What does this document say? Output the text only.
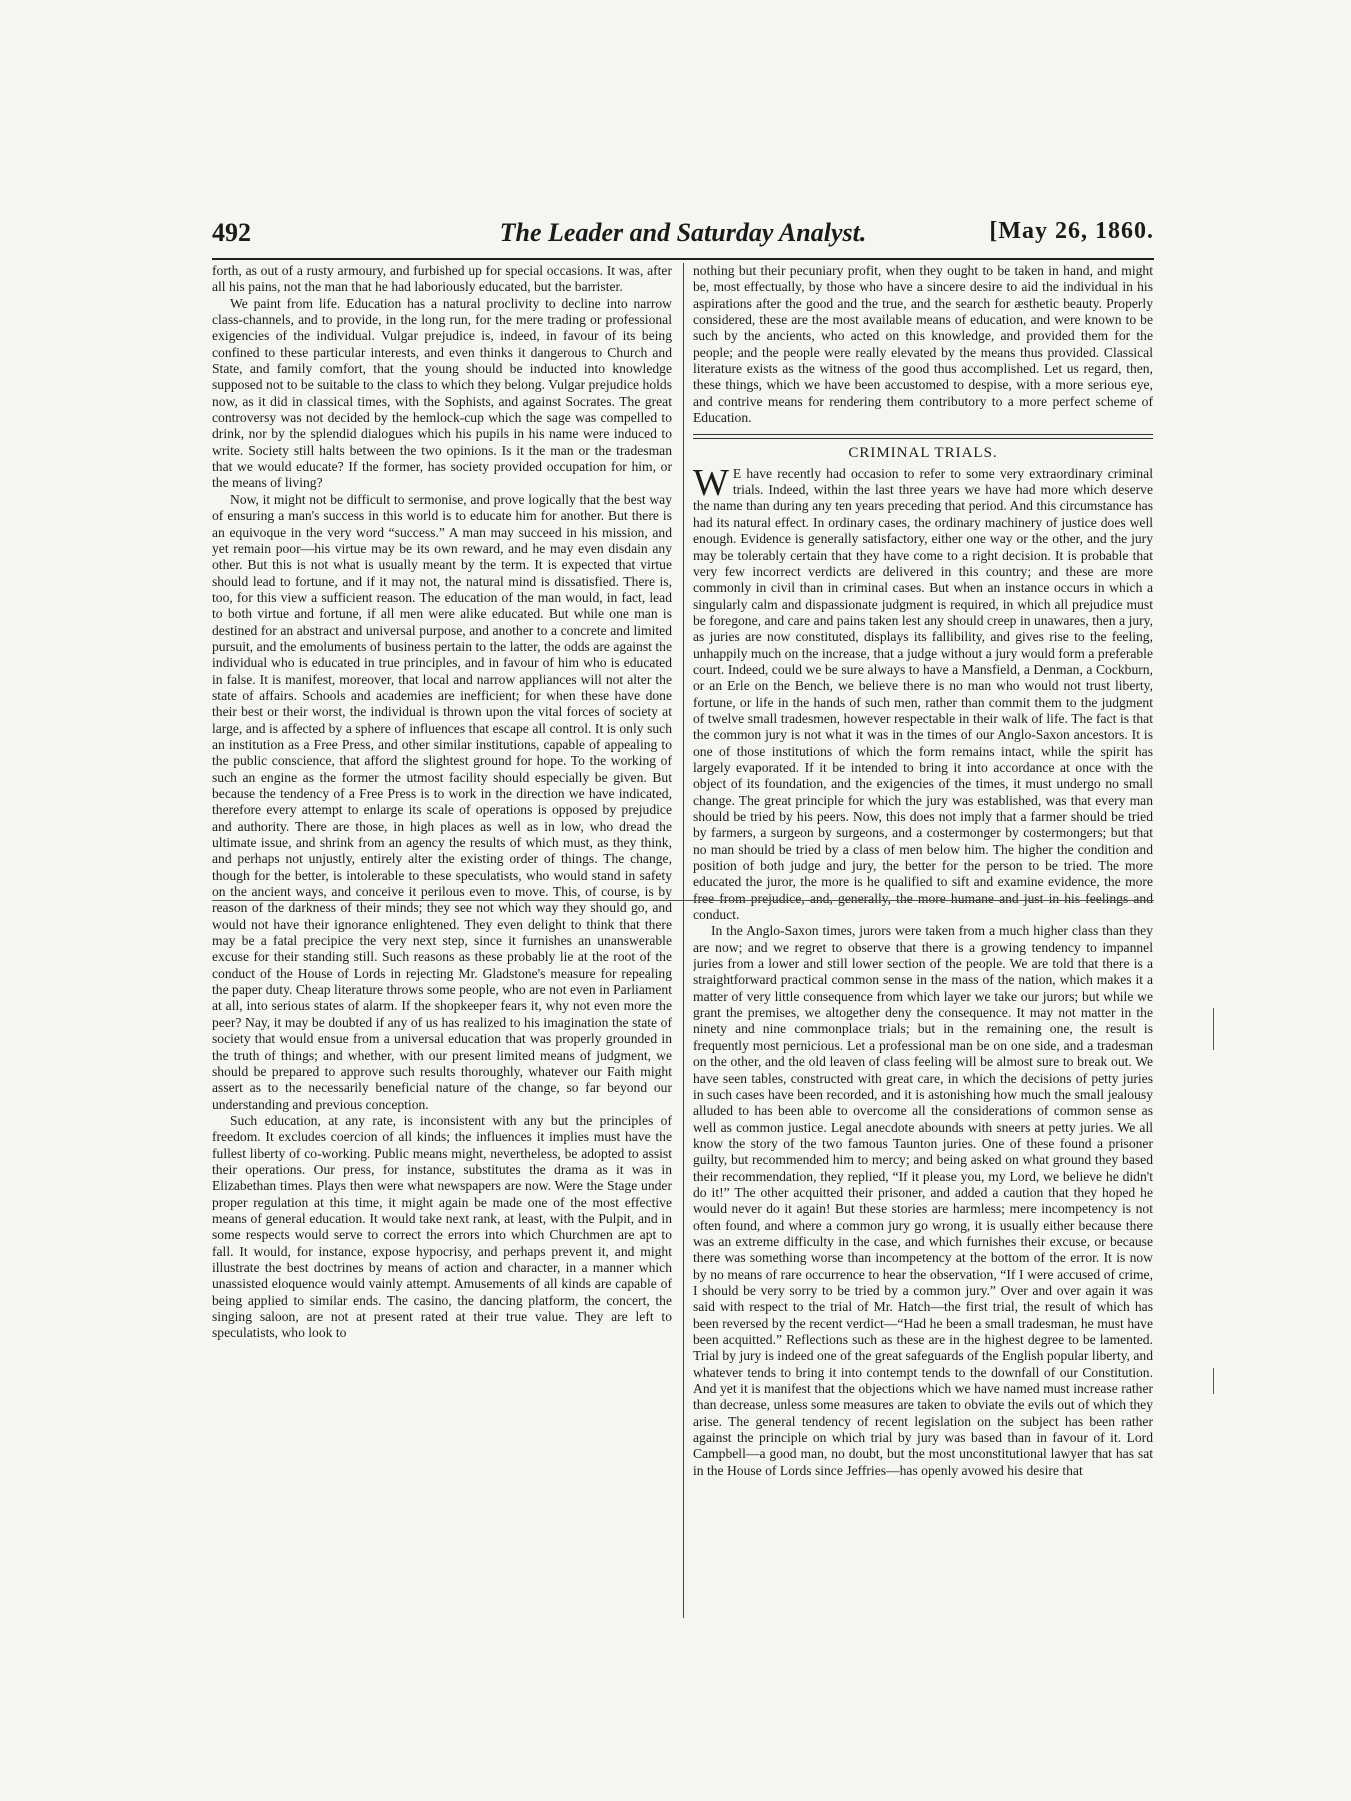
492	The Leader and Saturday Analyst.	[May 26, 1860.

forth, as out of a rusty armoury, and furbished up for special occasions. It was, after all his pains, not the man that he had laboriously educated, but the barrister.

We paint from life. Education has a natural proclivity to decline into narrow class-channels, and to provide, in the long run, for the mere trading or professional exigencies of the individual. Vulgar prejudice is, indeed, in favour of its being confined to these particular interests, and even thinks it dangerous to Church and State, and family comfort, that the young should be inducted into knowledge supposed not to be suitable to the class to which they belong. Vulgar prejudice holds now, as it did in classical times, with the Sophists, and against Socrates. The great controversy was not decided by the hemlock-cup which the sage was compelled to drink, nor by the splendid dialogues which his pupils in his name were induced to write. Society still halts between the two opinions. Is it the man or the tradesman that we would educate? If the former, has society provided occupation for him, or the means of living?

Now, it might not be difficult to sermonise, and prove logically that the best way of ensuring a man's success in this world is to educate him for another. But there is an equivoque in the very word “success.” A man may succeed in his mission, and yet remain poor—his virtue may be its own reward, and he may even disdain any other. But this is not what is usually meant by the term. It is expected that virtue should lead to fortune, and if it may not, the natural mind is dissatisfied. There is, too, for this view a sufficient reason. The education of the man would, in fact, lead to both virtue and fortune, if all men were alike educated. But while one man is destined for an abstract and universal purpose, and another to a concrete and limited pursuit, and the emoluments of business pertain to the latter, the odds are against the individual who is educated in true principles, and in favour of him who is educated in false. It is manifest, moreover, that local and narrow appliances will not alter the state of affairs. Schools and academies are inefficient; for when these have done their best or their worst, the individual is thrown upon the vital forces of society at large, and is affected by a sphere of influences that escape all control. It is only such an institution as a Free Press, and other similar institutions, capable of appealing to the public conscience, that afford the slightest ground for hope. To the working of such an engine as the former the utmost facility should especially be given. But because the tendency of a Free Press is to work in the direction we have indicated, therefore every attempt to enlarge its scale of operations is opposed by prejudice and authority. There are those, in high places as well as in low, who dread the ultimate issue, and shrink from an agency the results of which must, as they think, and perhaps not unjustly, entirely alter the existing order of things. The change, though for the better, is intolerable to these speculatists, who would stand in safety on the ancient ways, and conceive it perilous even to move. This, of course, is by reason of the darkness of their minds; they see not which way they should go, and would not have their ignorance enlightened. They even delight to think that there may be a fatal precipice the very next step, since it furnishes an unanswerable excuse for their standing still. Such reasons as these probably lie at the root of the conduct of the House of Lords in rejecting Mr. Gladstone's measure for repealing the paper duty. Cheap literature throws some people, who are not even in Parliament at all, into serious states of alarm. If the shopkeeper fears it, why not even more the peer? Nay, it may be doubted if any of us has realized to his imagination the state of society that would ensue from a universal education that was properly grounded in the truth of things; and whether, with our present limited means of judgment, we should be prepared to approve such results thoroughly, whatever our Faith might assert as to the necessarily beneficial nature of the change, so far beyond our understanding and previous conception.

Such education, at any rate, is inconsistent with any but the principles of freedom. It excludes coercion of all kinds; the influences it implies must have the fullest liberty of co-working. Public means might, nevertheless, be adopted to assist their operations. Our press, for instance, substitutes the drama as it was in Elizabethan times. Plays then were what newspapers are now. Were the Stage under proper regulation at this time, it might again be made one of the most effective means of general education. It would take next rank, at least, with the Pulpit, and in some respects would serve to correct the errors into which Churchmen are apt to fall. It would, for instance, expose hypocrisy, and perhaps prevent it, and might illustrate the best doctrines by means of action and character, in a manner which unassisted eloquence would vainly attempt. Amusements of all kinds are capable of being applied to similar ends. The casino, the dancing platform, the concert, the singing saloon, are not at present rated at their true value. They are left to speculatists, who look to

nothing but their pecuniary profit, when they ought to be taken in hand, and might be, most effectually, by those who have a sincere desire to aid the individual in his aspirations after the good and the true, and the search for æsthetic beauty. Properly considered, these are the most available means of education, and were known to be such by the ancients, who acted on this knowledge, and provided them for the people; and the people were really elevated by the means thus provided. Classical literature exists as the witness of the good thus accomplished. Let us regard, then, these things, which we have been accustomed to despise, with a more serious eye, and contrive means for rendering them contributory to a more perfect scheme of Education.

CRIMINAL TRIALS.

W E have recently had occasion to refer to some very extraordinary criminal trials. Indeed, within the last three years we have had more which deserve the name than during any ten years preceding that period. And this circumstance has had its natural effect. In ordinary cases, the ordinary machinery of justice does well enough. Evidence is generally satisfactory, either one way or the other, and the jury may be tolerably certain that they have come to a right decision. It is probable that very few incorrect verdicts are delivered in this country; and these are more commonly in civil than in criminal cases. But when an instance occurs in which a singularly calm and dispassionate judgment is required, in which all prejudice must be foregone, and care and pains taken lest any should creep in unawares, then a jury, as juries are now constituted, displays its fallibility, and gives rise to the feeling, unhappily much on the increase, that a judge without a jury would form a preferable court. Indeed, could we be sure always to have a Mansfield, a Denman, a Cockburn, or an Erle on the Bench, we believe there is no man who would not trust liberty, fortune, or life in the hands of such men, rather than commit them to the judgment of twelve small tradesmen, however respectable in their walk of life. The fact is that the common jury is not what it was in the times of our Anglo-Saxon ancestors. It is one of those institutions of which the form remains intact, while the spirit has largely evaporated. If it be intended to bring it into accordance at once with the object of its foundation, and the exigencies of the times, it must undergo no small change. The great principle for which the jury was established, was that every man should be tried by his peers. Now, this does not imply that a farmer should be tried by farmers, a surgeon by surgeons, and a costermonger by costermongers; but that no man should be tried by a class of men below him. The higher the condition and position of both judge and jury, the better for the person to be tried. The more educated the juror, the more is he qualified to sift and examine evidence, the more free from prejudice, and, generally, the more humane and just in his feelings and conduct.

In the Anglo-Saxon times, jurors were taken from a much higher class than they are now; and we regret to observe that there is a growing tendency to impannel juries from a lower and still lower section of the people. We are told that there is a straightforward practical common sense in the mass of the nation, which makes it a matter of very little consequence from which layer we take our jurors; but while we grant the premises, we altogether deny the consequence. It may not matter in the ninety and nine commonplace trials; but in the remaining one, the result is frequently most pernicious. Let a professional man be on one side, and a tradesman on the other, and the old leaven of class feeling will be almost sure to break out. We have seen tables, constructed with great care, in which the decisions of petty juries in such cases have been recorded, and it is astonishing how much the small jealousy alluded to has been able to overcome all the considerations of common sense as well as common justice. Legal anecdote abounds with sneers at petty juries. We all know the story of the two famous Taunton juries. One of these found a prisoner guilty, but recommended him to mercy; and being asked on what ground they based their recommendation, they replied, “If it please you, my Lord, we believe he didn't do it!” The other acquitted their prisoner, and added a caution that they hoped he would never do it again! But these stories are harmless; mere incompetency is not often found, and where a common jury go wrong, it is usually either because there was an extreme difficulty in the case, and which furnishes their excuse, or because there was something worse than incompetency at the bottom of the error. It is now by no means of rare occurrence to hear the observation, “If I were accused of crime, I should be very sorry to be tried by a common jury.” Over and over again it was said with respect to the trial of Mr. Hatch—the first trial, the result of which has been reversed by the recent verdict—“Had he been a small tradesman, he must have been acquitted.” Reflections such as these are in the highest degree to be lamented. Trial by jury is indeed one of the great safeguards of the English popular liberty, and whatever tends to bring it into contempt tends to the downfall of our Constitution. And yet it is manifest that the objections which we have named must increase rather than decrease, unless some measures are taken to obviate the evils out of which they arise. The general tendency of recent legislation on the subject has been rather against the principle on which trial by jury was based than in favour of it. Lord Campbell—a good man, no doubt, but the most unconstitutional lawyer that has sat in the House of Lords since Jeffries—has openly avowed his desire that
